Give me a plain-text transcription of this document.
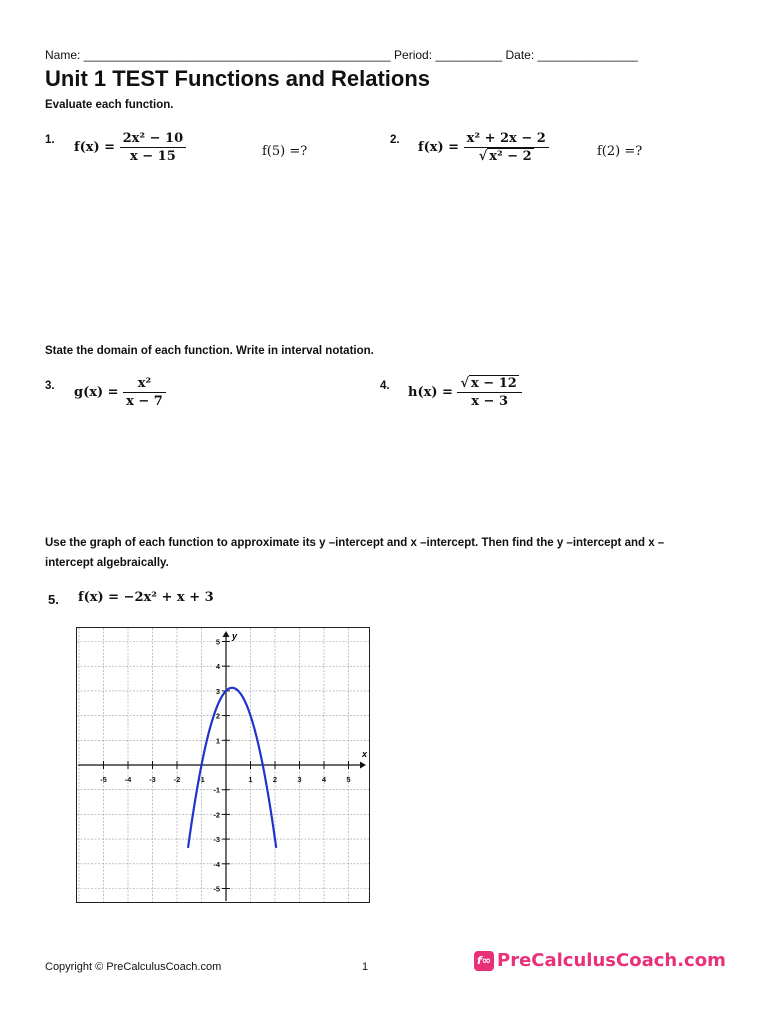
Name: ______________________________________________ Period: __________ Date: _______________
Unit 1 TEST Functions and Relations
Evaluate each function.
1. $f(x) = \frac{\text{2x² − 10}}{x - 15}$	f(5) =?
2. $f(x) = \frac{\text{x² + 2x − 2}}{\text{√ x² − 2}}$	f(2) =?
State the domain of each function. Write in interval notation.
3. $g(x) = \frac{\text{x²}}{x - 7}$	4. $h(x) = \frac{√ x - 12}{x - 3}$
Use the graph of each function to approximate its y –intercept and x –intercept. Then find the y –intercept and x –
intercept algebraically.
5. f(x) = −2x² + x + 3
-5 -4 -3 -2 -1	1	2	3	4	5
5
4
3
2
1
-1
-2
-3
-4
-5
x
y
Copyright © PreCalculusCoach.com	1	f∞ PreCalculusCoach.com
